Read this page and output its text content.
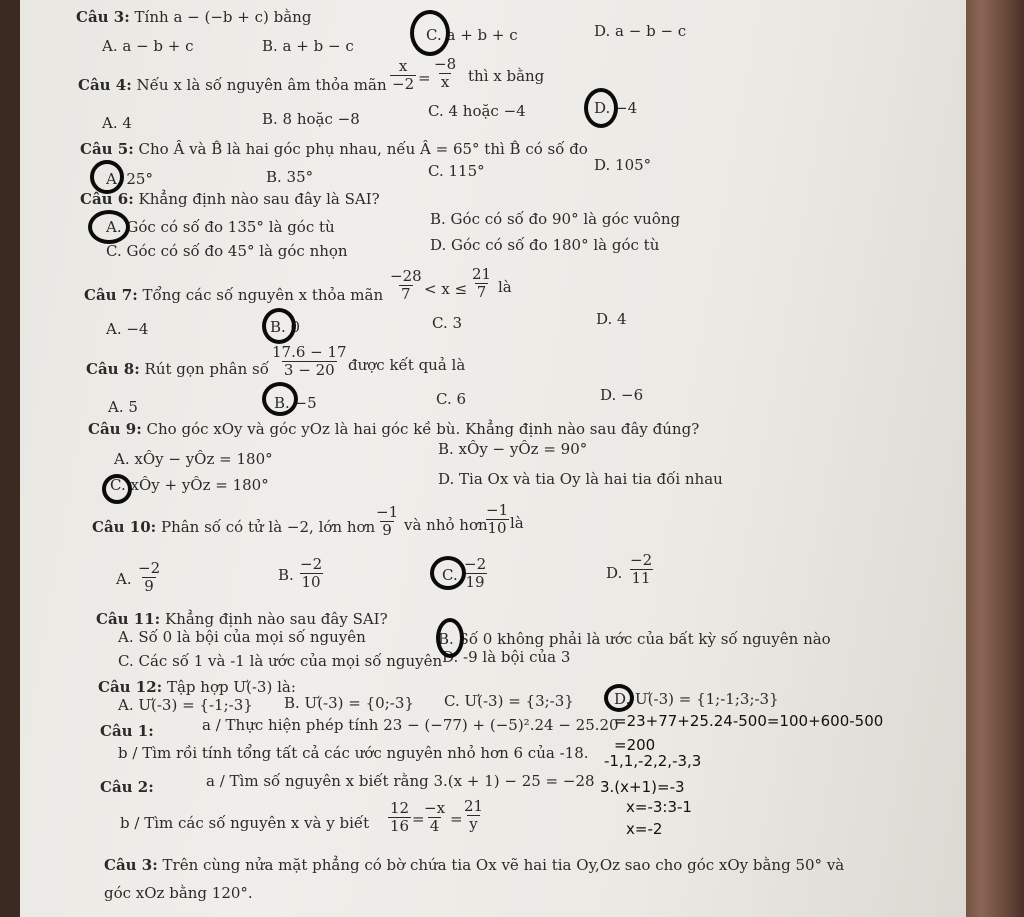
Câu 3: Tính a − (−b + c) bằng
A. a − b + c	B. a + b − c
C. a + b + c	D. a − b − c
Câu 4: Nếu x là số nguyên âm thỏa mãn $\frac{x}{-2} = \frac{-8}{x}$ thì x bằng
A. 4	B. 8 hoặc −8	C. 4 hoặc −4	D. −4
Câu 5: Cho Â và B̂ là hai góc phụ nhau, nếu Â = 65° thì B̂ có số đo
A. 25°	B. 35°	C. 115°	D. 105°
Câu 6: Khẳng định nào sau đây là SAI?
A. Góc có số đo 135° là góc tù	B. Góc có số đo 90° là góc vuông
C. Góc có số đo 45° là góc nhọn	D. Góc có số đo 180° là góc tù
Câu 7: Tổng các số nguyên x thỏa mãn $\frac{-28}{7} < x \le \frac{21}{7}$ là
A. −4	B. 0	C. 3	D. 4
Câu 8: Rút gọn phân số $\frac{17.6 - 17}{3 - 20}$ được kết quả là
A. 5	B. −5	C. 6	D. −6
Câu 9: Cho góc xOy và góc yOz là hai góc kề bù. Khẳng định nào sau đây đúng?
A. xÔy − yÔz = 180°
B. xÔy − yÔz = 90°
C. xÔy + yÔz = 180°	D. Tia Ox và tia Oy là hai tia đối nhau
Câu 10: Phân số có tử là −2, lớn hơn
$\frac{-1}{9}$ và nhỏ hơn
$\frac{-1}{10}$ là
A. $\frac{-2}{9}$	B. $\frac{-2}{10}$	C. $\frac{-2}{19}$	D. $\frac{-2}{11}$
Câu 11: Khẳng định nào sau đây SAI?
A. Số 0 là bội của mọi số nguyên	B. Số 0 không phải là ước của bất kỳ số nguyên nào
C. Các số 1 và -1 là ước của mọi số nguyên D. -9 là bội của 3
Câu 12: Tập hợp Ư(-3) là:
A. Ư(-3) = {-1;-3} B. Ư(-3) = {0;-3} C. Ư(-3) = {3;-3}	D. Ư(-3) = {1;-1;3;-3}
Câu 1:	a / Thực hiện phép tính 23 − (−77) + (−5)².24 − 25.20
b / Tìm rồi tính tổng tất cả các ước nguyên nhỏ hơn 6 của -18.
Câu 2:	a / Tìm số nguyên x biết rằng 3.(x + 1) − 25 = −28
b / Tìm các số nguyên x và y biết $\frac{12}{16}$ =
$\frac{-x}{4} = \frac{21}{y}$
Câu 3: Trên cùng nửa mặt phẳng có bờ chứa tia Ox vẽ hai tia Oy,Oz sao cho góc xOy bằng 50° và
góc xOz bằng 120°.
=23+77+25.24-500=100+600-500
=200
-1,1,-2,2,-3,3
3.(x+1)=-3
x=-3:3-1
x=-2
